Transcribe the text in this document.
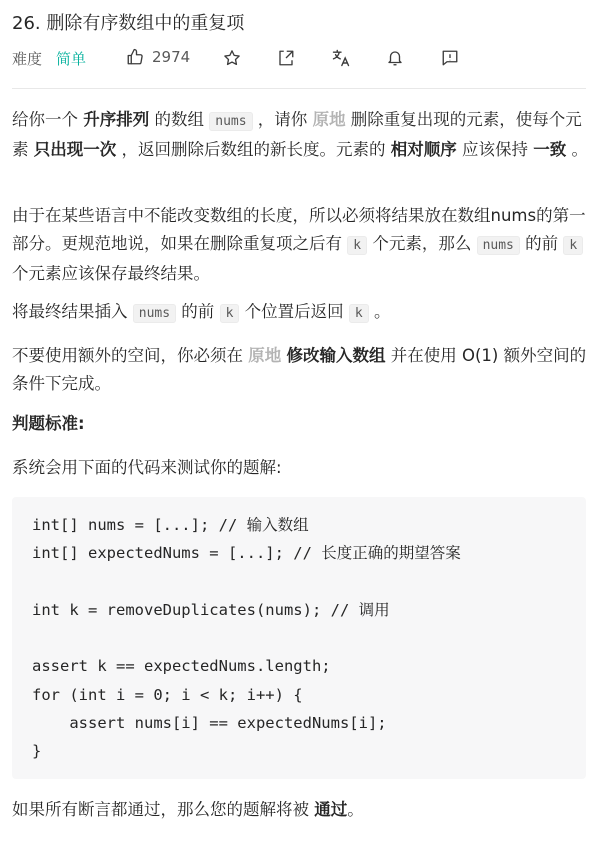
26. 删除有序数组中的重复项
难度 简单	2974
给你一个 升序排列 的数组 nums ，请你 原地 删除重复出现的元素，使每个元素 只出现一次 ，返回删除后数组的新长度。元素的 相对顺序 应该保持 一致 。
由于在某些语言中不能改变数组的长度，所以必须将结果放在数组nums的第一部分。更规范地说，如果在删除重复项之后有 k 个元素，那么 nums 的前 k 个元素应该保存最终结果。
将最终结果插入 nums 的前 k 个位置后返回 k 。
不要使用额外的空间，你必须在 原地 修改输入数组 并在使用 O(1) 额外空间的条件下完成。
判题标准:
系统会用下面的代码来测试你的题解:
int[] nums = [...]; // 输入数组
int[] expectedNums = [...]; // 长度正确的期望答案

int k = removeDuplicates(nums); // 调用

assert k == expectedNums.length;
for (int i = 0; i < k; i++) {
assert nums[i] == expectedNums[i];
}
如果所有断言都通过，那么您的题解将被 通过。
